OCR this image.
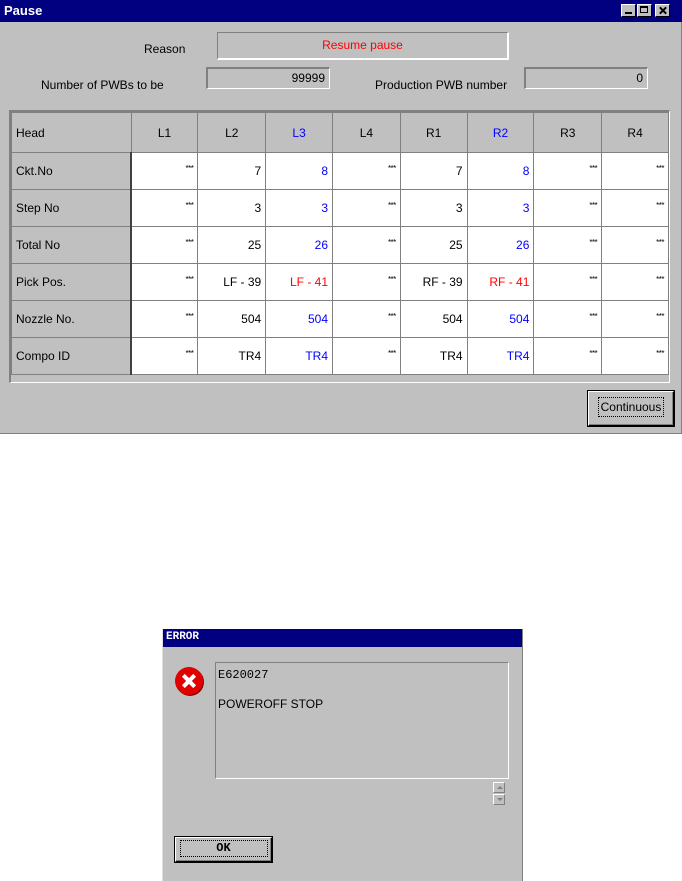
Pause
Reason	Resume pause
Number of PWBs to be	99999	Production PWB number	0
Head	L1	L2	L3	L4	R1	R2	R3	R4
Ckt.No	***	7	8	***	7	8	***	***
Step No	***	3	3	***	3	3	***	***
Total No	***	25	26	***	25	26	***	***
Pick Pos.	***	LF - 39	LF - 41	***	RF - 39	RF - 41	***	***
Nozzle No.	***	504	504	***	504	504	***	***
Compo ID	***	TR4	TR4	***	TR4	TR4	***	***
Continuous
ERROR
E620027
POWEROFF STOP
OK
